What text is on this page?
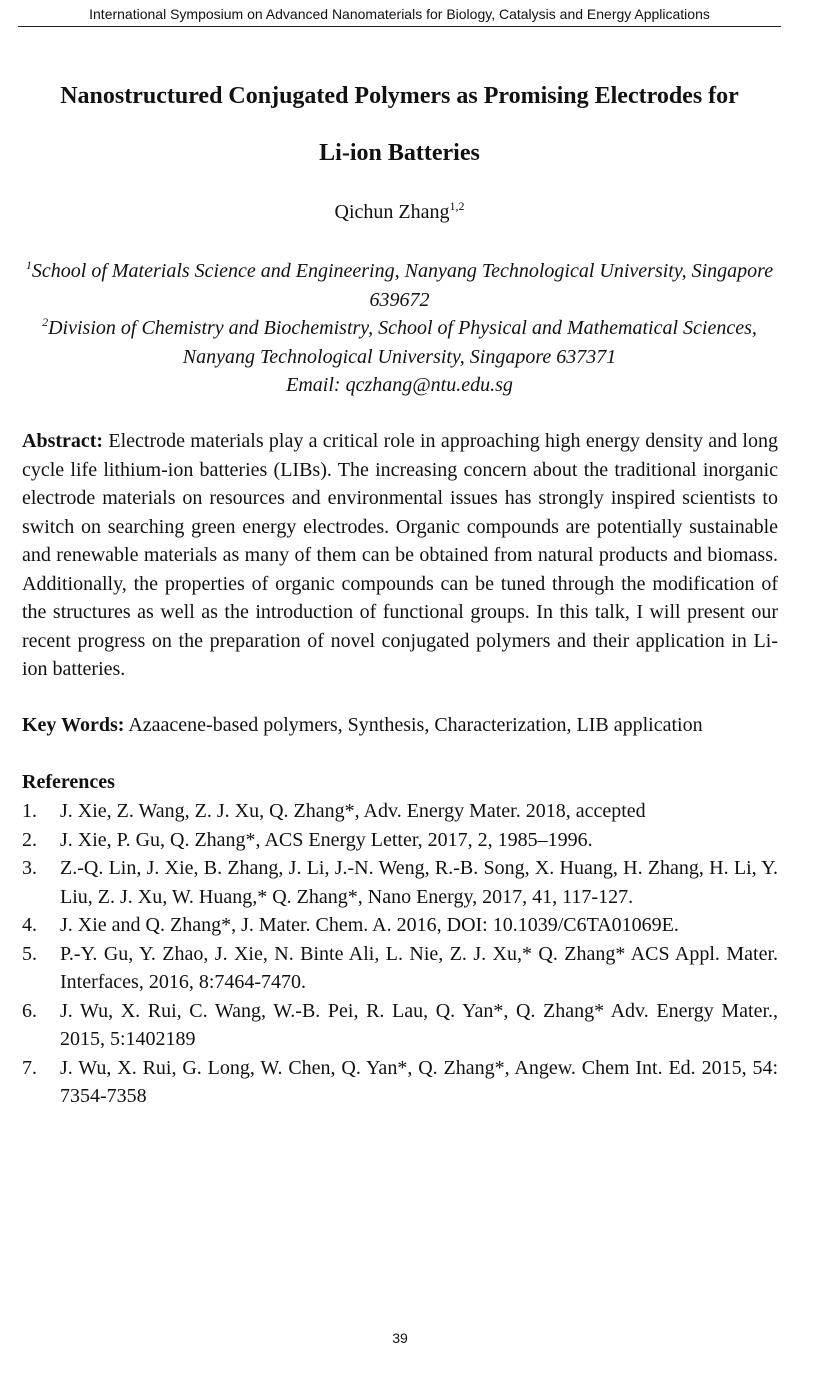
International Symposium on Advanced Nanomaterials for Biology, Catalysis and Energy Applications
Nanostructured Conjugated Polymers as Promising Electrodes for
Li-ion Batteries
Qichun Zhang$^{1,2}$
$^1$School of Materials Science and Engineering, Nanyang Technological University, Singapore 639672
$^2$Division of Chemistry and Biochemistry, School of Physical and Mathematical Sciences, Nanyang Technological University, Singapore 637371
Email: qczhang@ntu.edu.sg

Abstract: Electrode materials play a critical role in approaching high energy density and long cycle life lithium-ion batteries (LIBs). The increasing concern about the traditional inorganic electrode materials on resources and environmental issues has strongly inspired scientists to switch on searching green energy electrodes. Organic compounds are potentially sustainable and renewable materials as many of them can be obtained from natural products and biomass. Additionally, the properties of organic compounds can be tuned through the modification of the structures as well as the introduction of functional groups. In this talk, I will present our recent progress on the preparation of novel conjugated polymers and their application in Li-ion batteries.

Key Words: Azaacene-based polymers, Synthesis, Characterization, LIB application

References
1. J. Xie, Z. Wang, Z. J. Xu, Q. Zhang*, Adv. Energy Mater. 2018, accepted
2. J. Xie, P. Gu, Q. Zhang*, ACS Energy Letter, 2017, 2, 1985–1996.
3. Z.-Q. Lin, J. Xie, B. Zhang, J. Li, J.-N. Weng, R.-B. Song, X. Huang, H. Zhang, H. Li, Y. Liu, Z. J. Xu, W. Huang,* Q. Zhang*, Nano Energy, 2017, 41, 117-127.
4. J. Xie and Q. Zhang*, J. Mater. Chem. A. 2016, DOI: 10.1039/C6TA01069E.
5. P.-Y. Gu, Y. Zhao, J. Xie, N. Binte Ali, L. Nie, Z. J. Xu,* Q. Zhang* ACS Appl. Mater. Interfaces, 2016, 8:7464-7470.
6. J. Wu, X. Rui, C. Wang, W.-B. Pei, R. Lau, Q. Yan*, Q. Zhang* Adv. Energy Mater., 2015, 5:1402189
7. J. Wu, X. Rui, G. Long, W. Chen, Q. Yan*, Q. Zhang*, Angew. Chem Int. Ed. 2015, 54: 7354-7358
39
